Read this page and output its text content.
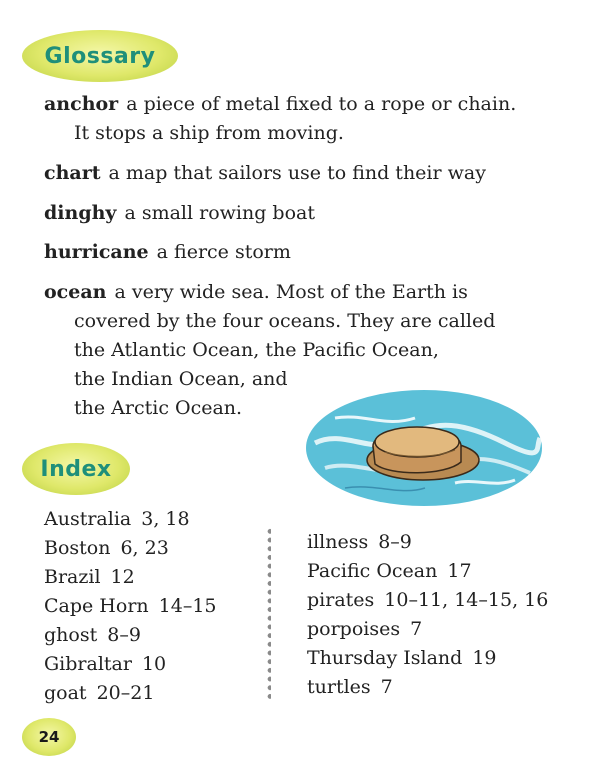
Glossary
anchor a piece of metal fixed to a rope or chain.
It stops a ship from moving.
chart a map that sailors use to find their way
dinghy a small rowing boat
hurricane a fierce storm
ocean a very wide sea. Most of the Earth is
covered by the four oceans. They are called
the Atlantic Ocean, the Pacific Ocean,
the Indian Ocean, and
the Arctic Ocean.
Index
Australia 3, 18
Boston 6, 23
Brazil 12
Cape Horn 14–15
ghost 8–9
Gibraltar 10
goat 20–21
illness 8–9
Pacific Ocean 17
pirates 10–11, 14–15, 16
porpoises 7
Thursday Island 19
turtles 7
24
